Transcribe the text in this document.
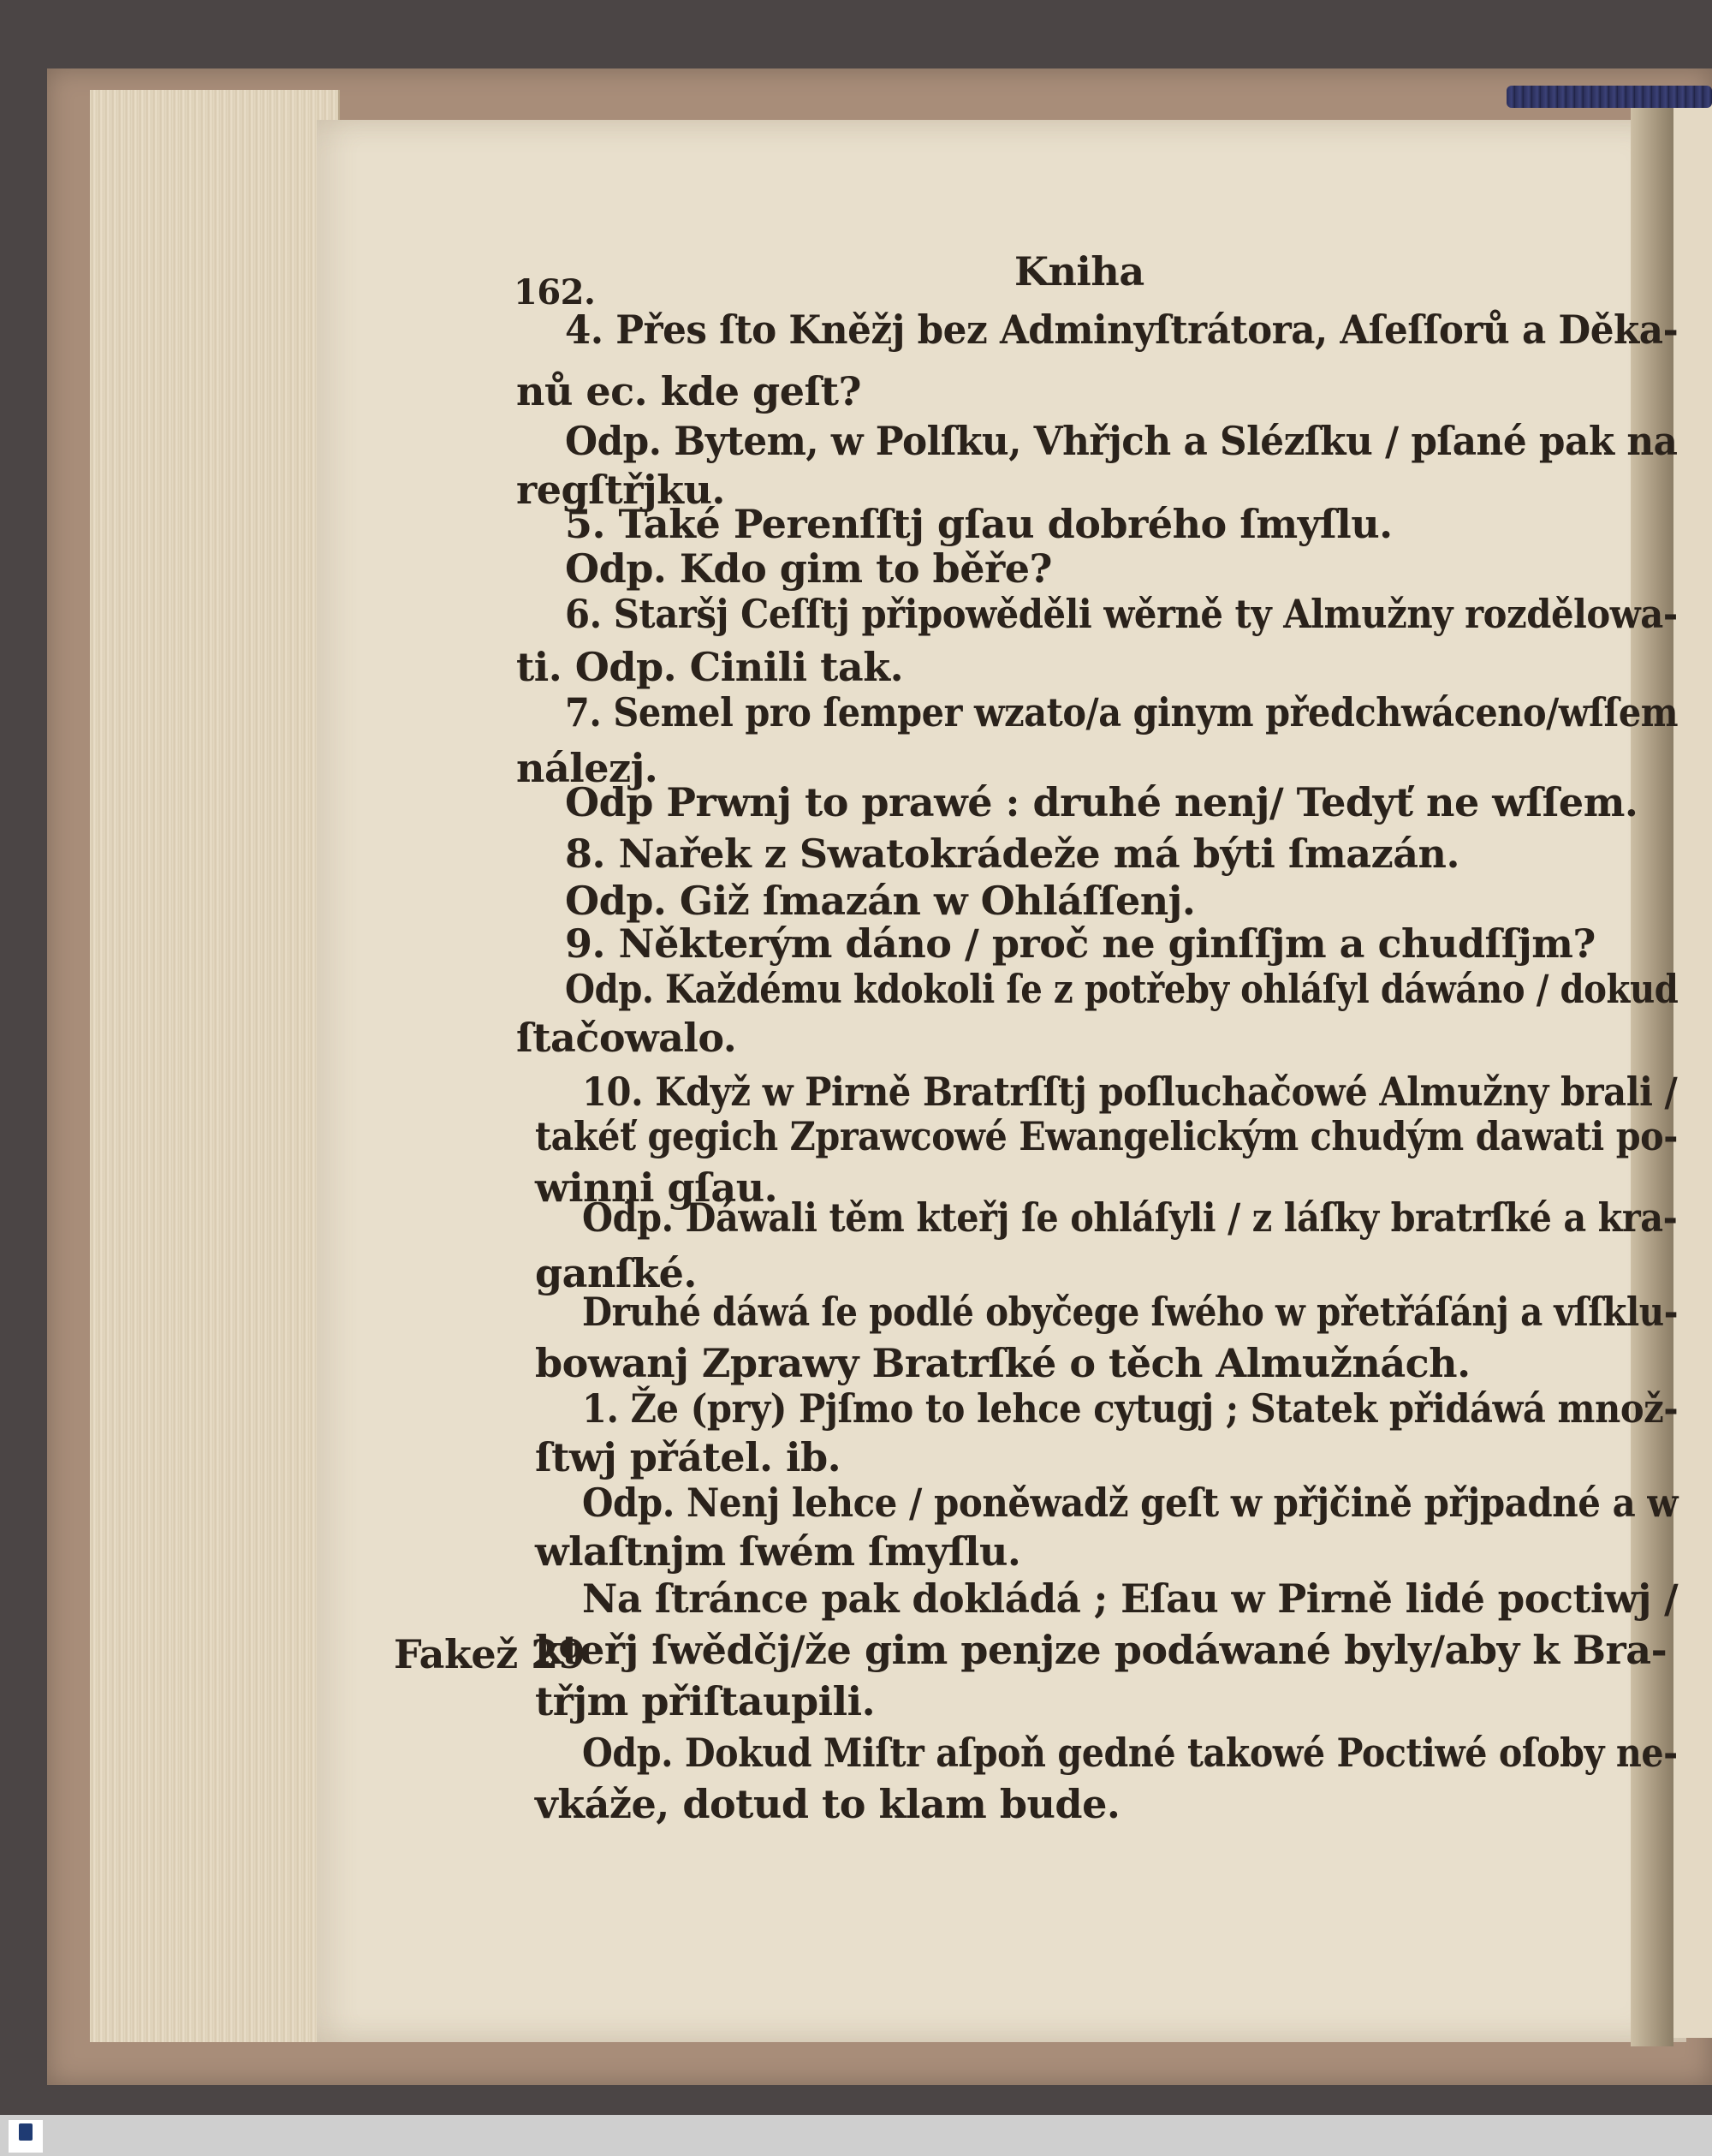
162.	Kniha
4. Přes ſto Kněžj bez Adminyſtrátora, Aſeſſorů a Děka-
nů ec. kde geſt?
Odp. Bytem, w Polſku, Vhřjch a Slézſku / pſané pak na
regſtřjku.
5. Také Perenſſtj gſau dobrého ſmyſlu.
Odp. Kdo gim to běře?
6. Staršj Ceſſtj připowěděli wěrně ty Almužny rozdělowa-
ti. Odp. Cinili tak.
7. Semel pro ſemper wzato/a ginym předchwáceno/wſſem
nálezj.
Odp Prwnj to prawé : druhé nenj/ Tedyť ne wſſem.
8. Nařek z Swatokrádeže má býti ſmazán.
Odp. Giž ſmazán w Ohláſſenj.
9. Některým dáno / proč ne ginſſjm a chudſſjm?
Odp. Každému kdokoli ſe z potřeby ohláſyl dáwáno / dokud
ſtačowalo.
10. Když w Pirně Bratrſſtj poſluchačowé Almužny brali /
takéť gegich Zprawcowé Ewangelickým chudým dawati po-
winni gſau.
Odp. Dáwali těm kteřj ſe ohláſyli / z láſky bratrſké a kra-
ganſké.
Druhé dáwá ſe podlé obyčege ſwého w přetřáſánj a vſſklu-
bowanj Zprawy Bratrſké o těch Almužnách.
1. Že (pry) Pjſmo to lehce cytugj ; Statek přidáwá množ-
ſtwj přátel. ib.
Odp. Nenj lehce / poněwadž geſt w přjčině přjpadné a w
wlaſtnjm ſwém ſmyſlu.
Na ſtránce pak dokládá ; Eſau w Pirně lidé poctiwj /
Fakež 29
kteřj ſwědčj/že gim penjze podáwané byly/aby k Bra-
třjm přiſtaupili.
Odp. Dokud Miſtr aſpoň gedné takowé Poctiwé oſoby ne-
vkáže, dotud to klam bude.
